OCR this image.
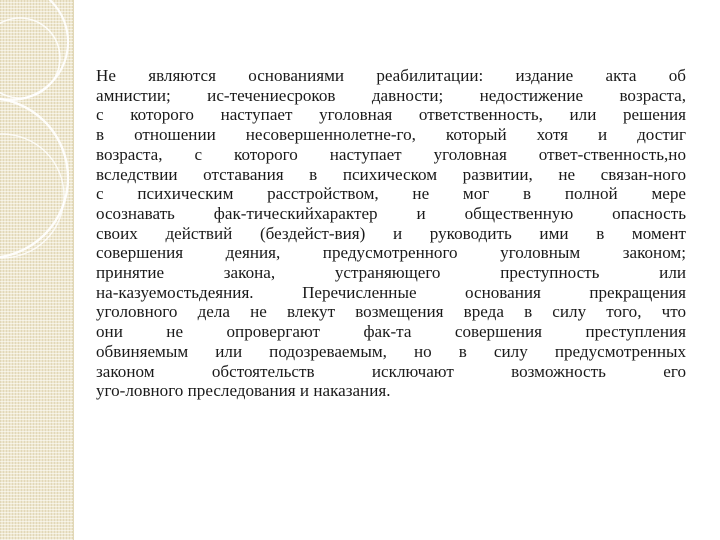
Не являются основаниями реабилитации: издание акта об
амнистии; ис-течениесроков давности; недостижение возраста,
с которого наступает уголовная ответственность, или решения
в отношении несовершеннолетне-го, который хотя и достиг
возраста, с которого наступает уголовная ответ-ственность,но
вследствии отставания в психическом развитии, не связан-ного
с психическим расстройством, не мог в полной мере
осознавать фак-тическийхарактер и общественную опасность
своих действий (бездейст-вия) и руководить ими в момент
совершения деяния, предусмотренного уголовным законом;
принятие закона, устраняющего преступность или
на-казуемостьдеяния. Перечисленные основания прекращения
уголовного дела не влекут возмещения вреда в силу того, что
они не опровергают фак-та совершения преступления
обвиняемым или подозреваемым, но в силу предусмотренных
законом обстоятельств исключают возможность его
уго-ловного преследования и наказания.
